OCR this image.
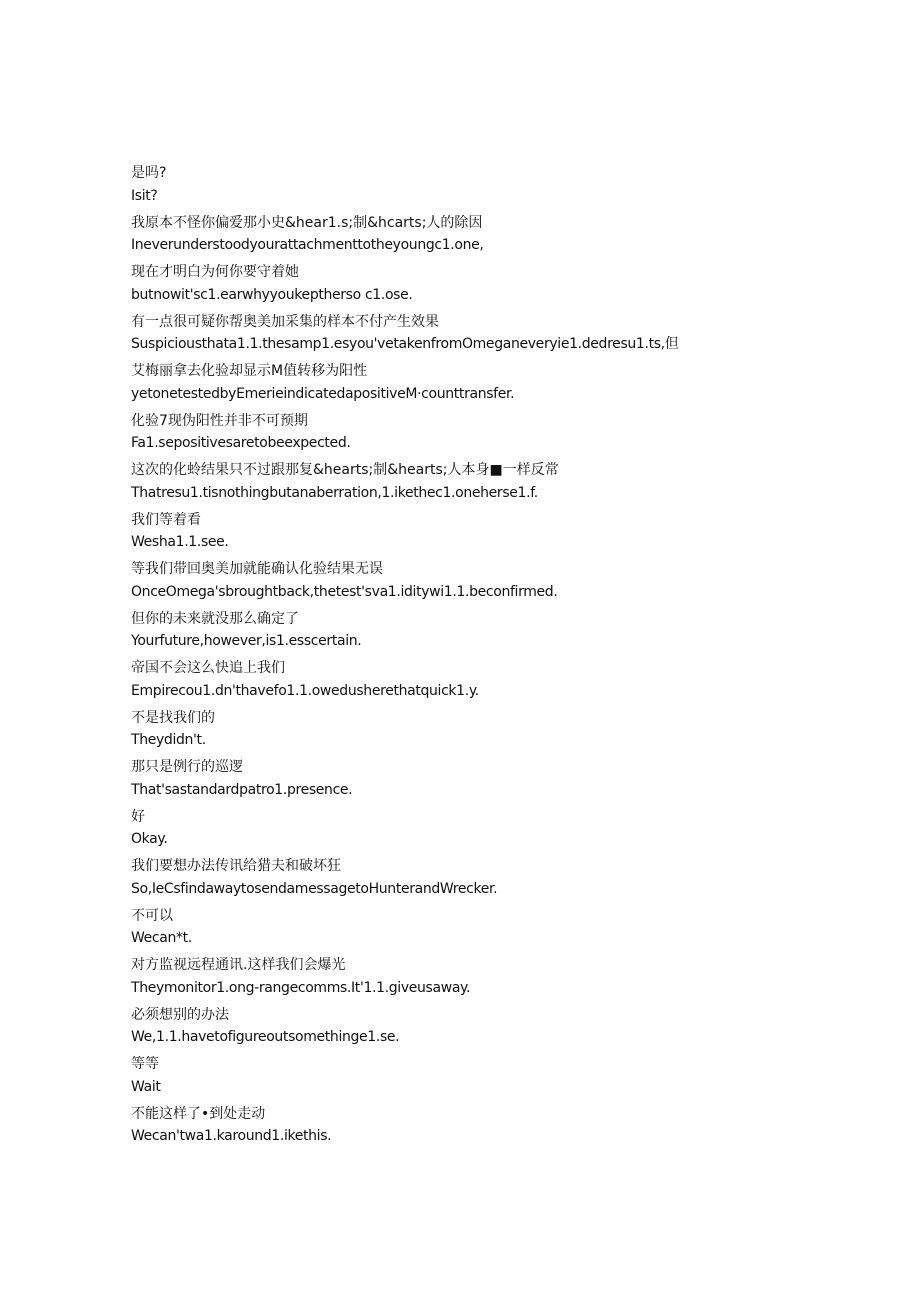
是吗?
Isit?
我原本不怪你偏爱那小史&hear1.s;制&hcarts;人的除因
Ineverunderstoodyourattachmenttotheyoungc1.one,
现在才明白为何你要守着她
butnowit'sc1.earwhyyoukeptherso c1.ose.
有一点很可疑你帮奥美加采集的样本不付产生效果
Suspiciousthata1.1.thesamp1.esyou'vetakenfromOmeganeveryie1.dedresu1.ts,但
艾梅丽拿去化验却显示M值转移为阳性
yetonetestedbyEmerieindicatedapositiveM·counttransfer.
化验7现伪阳性并非不可预期
Fa1.sepositivesaretobeexpected.
这次的化蛉结果只不过跟那复&hearts;制&hearts;人本身■一样反常
Thatresu1.tisnothingbutanaberration,1.ikethec1.oneherse1.f.
我们等着看
Wesha1.1.see.
等我们带回奥美加就能确认化验结果无误
OnceOmega'sbroughtback,thetest'sva1.iditywi1.1.beconfirmed.
但你的未来就没那么确定了
Yourfuture,however,is1.esscertain.
帝国不会这么快追上我们
Empirecou1.dn'thavefo1.1.owedusherethatquick1.y.
不是找我们的
Theydidn't.
那只是例行的巡逻
That'sastandardpatro1.presence.
好
Okay.
我们要想办法传讯给猎夫和破坏狂
So,IeCsfindawaytosendamessagetoHunterandWrecker.
不可以
Wecan*t.
对方监视远程通讯.这样我们会爆光
Theymonitor1.ong-rangecomms.It'1.1.giveusaway.
必须想别的办法
We,1.1.havetofigureoutsomethinge1.se.
等等
Wait
不能这样了•到处走动
Wecan'twa1.karound1.ikethis.
